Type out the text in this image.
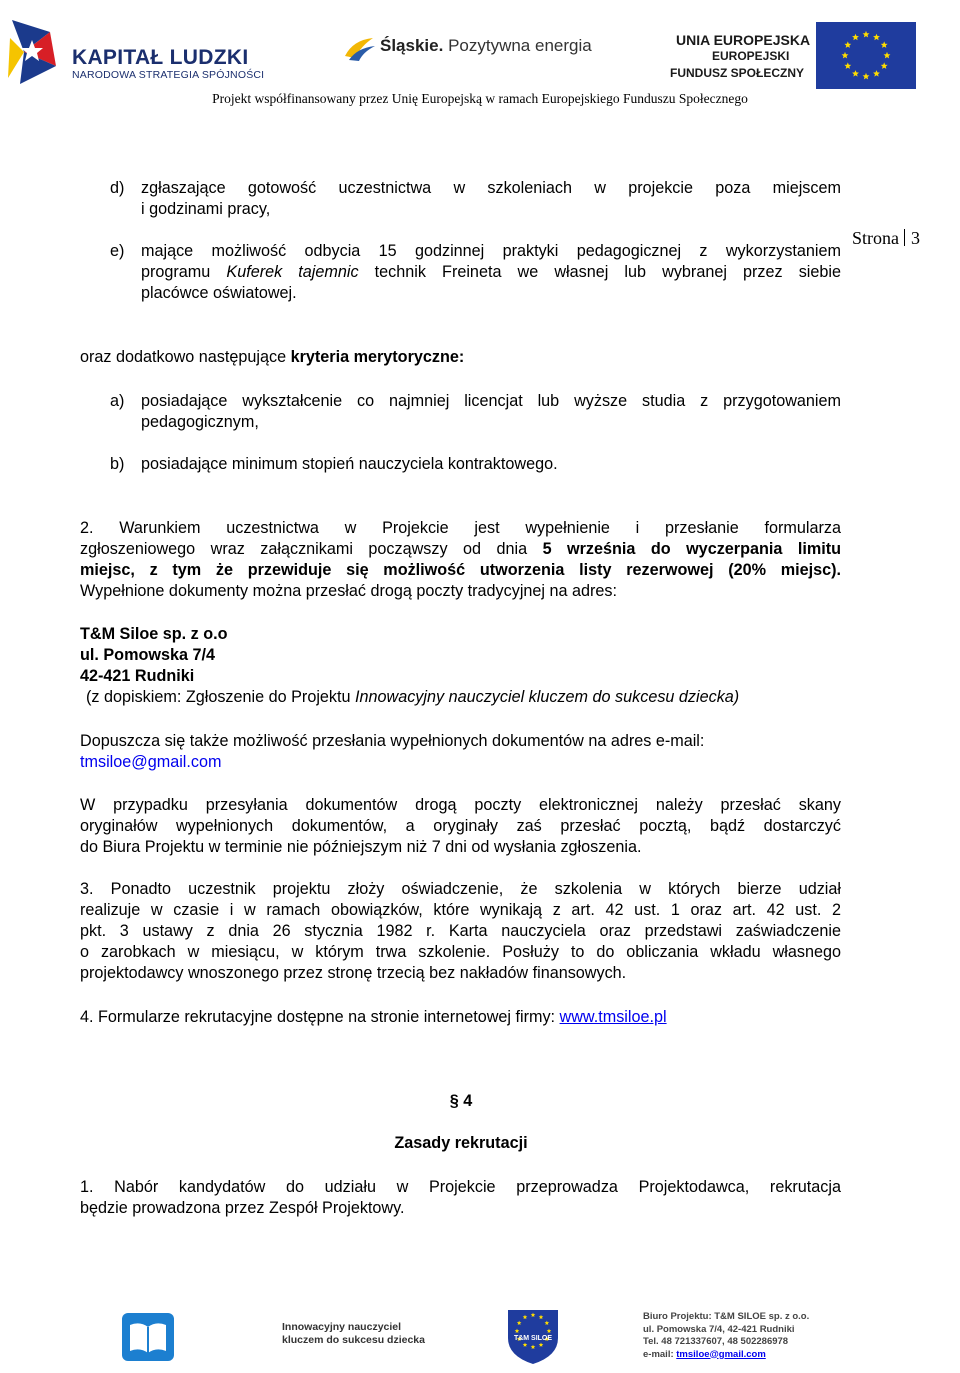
KAPITAŁ LUDZKI
NARODOWA STRATEGIA SPÓJNOŚCI
Śląskie. Pozytywna energia	UNIA EUROPEJSKA
EUROPEJSKI
FUNDUSZ SPOŁECZNY
Projekt współfinansowany przez Unię Europejską w ramach Europejskiego Funduszu Społecznego
Strona 3
d) zgłaszające gotowość uczestnictwa w szkoleniach w projekcie poza miejscem
i godzinami pracy,
e) mające możliwość odbycia 15 godzinnej praktyki pedagogicznej z wykorzystaniem
programu Kuferek tajemnic technik Freineta we własnej lub wybranej przez siebie
placówce oświatowej.
oraz dodatkowo następujące kryteria merytoryczne:
a) posiadające wykształcenie co najmniej licencjat lub wyższe studia z przygotowaniem
pedagogicznym,
b) posiadające minimum stopień nauczyciela kontraktowego.
2. Warunkiem uczestnictwa w Projekcie jest wypełnienie i przesłanie formularza
zgłoszeniowego wraz załącznikami począwszy od dnia 5 września do wyczerpania limitu
miejsc, z tym że przewiduje się możliwość utworzenia listy rezerwowej (20% miejsc).
Wypełnione dokumenty można przesłać drogą poczty tradycyjnej na adres:
T&M Siloe sp. z o.o
ul. Pomowska 7/4
42-421 Rudniki
(z dopiskiem: Zgłoszenie do Projektu Innowacyjny nauczyciel kluczem do sukcesu dziecka)
Dopuszcza się także możliwość przesłania wypełnionych dokumentów na adres e-mail:
tmsiloe@gmail.com
W przypadku przesyłania dokumentów drogą poczty elektronicznej należy przesłać skany
oryginałów wypełnionych dokumentów, a oryginały zaś przesłać pocztą, bądź dostarczyć
do Biura Projektu w terminie nie późniejszym niż 7 dni od wysłania zgłoszenia.
3. Ponadto uczestnik projektu złoży oświadczenie, że szkolenia w których bierze udział
realizuje w czasie i w ramach obowiązków, które wynikają z art. 42 ust. 1 oraz art. 42 ust. 2
pkt. 3 ustawy z dnia 26 stycznia 1982 r. Karta nauczyciela oraz przedstawi zaświadczenie
o zarobkach w miesiącu, w którym trwa szkolenie. Posłuży to do obliczania wkładu własnego
projektodawcy wnoszonego przez stronę trzecią bez nakładów finansowych.
4. Formularze rekrutacyjne dostępne na stronie internetowej firmy: www.tmsiloe.pl
§ 4
Zasady rekrutacji
1. Nabór kandydatów do udziału w Projekcie przeprowadza Projektodawca, rekrutacja
będzie prowadzona przez Zespół Projektowy.
Innowacyjny nauczyciel
kluczem do sukcesu dziecka	T&M SILOE
Biuro Projektu: T&M SILOE sp. z o.o.
ul. Pomowska 7/4, 42-421 Rudniki
Tel. 48 721337607, 48 502286978
e-mail: tmsiloe@gmail.com
